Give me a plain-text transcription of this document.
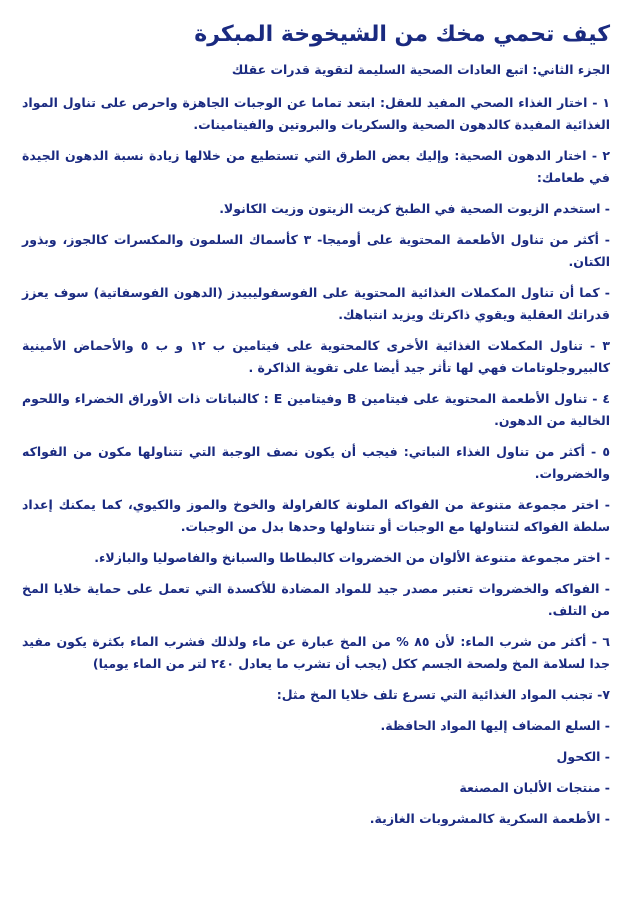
كيف تحمي مخك من الشيخوخة المبكرة
الجزء الثاني: اتبع العادات الصحية السليمة لتقوية قدرات عقلك

١ - اختار الغذاء الصحي المفيد للعقل: ابتعد تماما عن الوجبات الجاهزة واحرص على تناول المواد الغذائية المفيدة كالدهون الصحية والسكريات والبروتين والفيتامينات.

٢ - اختار الدهون الصحية: وإليك بعض الطرق التي تستطيع من خلالها زيادة نسبة الدهون الجيدة في طعامك:

- استخدم الزيوت الصحية في الطبخ كزيت الزيتون وزيت الكانولا.

- أكثر من تناول الأطعمة المحتوية على أوميجا- ٣ كأسماك السلمون والمكسرات كالجوز، وبذور الكتان.

- كما أن تناول المكملات الغذائية المحتوية على الفوسفوليبيدز (الدهون الفوسفاتية) سوف يعزز قدراتك العقلية ويقوي ذاكرتك ويزيد انتباهك.

٣ - تناول المكملات الغذائية الأخرى كالمحتوية على فيتامين ب ١٢ و ب ٥ والأحماض الأمينية كالبيروجلوتامات فهي لها تأثر جيد أيضا على تقوية الذاكرة .

٤ - تناول الأطعمة المحتوية على فيتامين B وفيتامين E : كالنباتات ذات الأوراق الخضراء واللحوم الخالية من الدهون.

٥ - أكثر من تناول الغذاء النباتي: فيجب أن يكون نصف الوجبة التي تتناولها مكون من الفواكه والخضروات.

- اختر مجموعة متنوعة من الفواكه الملونة كالفراولة والخوخ والموز والكيوي، كما يمكنك إعداد سلطة الفواكه لتتناولها مع الوجبات أو تتناولها وحدها بدل من الوجبات.

- اختر مجموعة متنوعة الألوان من الخضروات كالبطاطا والسبانخ والفاصوليا والبازلاء.

- الفواكه والخضروات تعتبر مصدر جيد للمواد المضادة للأكسدة التي تعمل على حماية خلايا المخ من التلف.

٦ - أكثر من شرب الماء: لأن ٨٥ % من المخ عبارة عن ماء ولذلك فشرب الماء بكثرة يكون مفيد جدا لسلامة المخ ولصحة الجسم ككل (يجب أن تشرب ما يعادل ٢٤٠ لتر من الماء يوميا)

٧- تجنب المواد الغذائية التي تسرع تلف خلايا المخ مثل:

- السلع المضاف إليها المواد الحافظة.

- الكحول

- منتجات الألبان المصنعة

- الأطعمة السكرية كالمشروبات الغازية.
